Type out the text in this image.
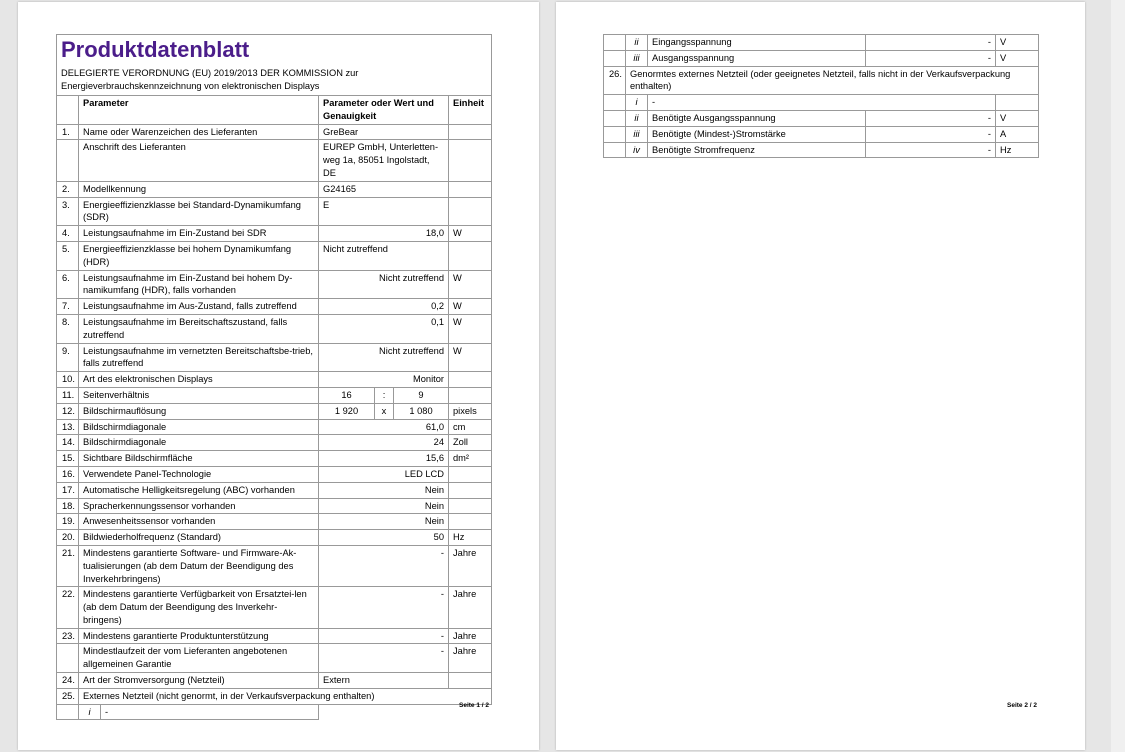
Produktdatenblatt
DELEGIERTE VERORDNUNG (EU) 2019/2013 DER KOMMISSION zur Energieverbrauchskennzeichnung von elektronischen Displays						

	Parameter		Parameter oder Wert und Genauigkeit			Einheit
1.	Name oder Warenzeichen des Lieferanten		GreBear			
	Anschrift des Lieferanten		EUREP GmbH, Unterletten-weg 1a, 85051 Ingolstadt, DE			
2.	Modellkennung		G24165			
3.	Energieeffizienzklasse bei Standard-Dynamikumfang (SDR)		E			
4.	Leistungsaufnahme im Ein-Zustand bei SDR		18,0			W
5.	Energieeffizienzklasse bei hohem Dynamikumfang (HDR)		Nicht zutreffend			
6.	Leistungsaufnahme im Ein-Zustand bei hohem Dy-namikumfang (HDR), falls vorhanden		Nicht zutreffend			W
7.	Leistungsaufnahme im Aus-Zustand, falls zutreffend		0,2			W
8.	Leistungsaufnahme im Bereitschaftszustand, falls zutreffend		0,1			W
9.	Leistungsaufnahme im vernetzten Bereitschaftsbe-trieb, falls zutreffend		Nicht zutreffend			W
10.	Art des elektronischen Displays		Monitor			
11.	Seitenverhältnis		16	:	9	
12.	Bildschirmauflösung		1 920	x	1 080	pixels
13.	Bildschirmdiagonale		61,0			cm
14.	Bildschirmdiagonale		24			Zoll
15.	Sichtbare Bildschirmfläche		15,6			dm²
16.	Verwendete Panel-Technologie		LED LCD			
17.	Automatische Helligkeitsregelung (ABC) vorhanden		Nein			
18.	Spracherkennungssensor vorhanden		Nein			
19.	Anwesenheitssensor vorhanden		Nein			
20.	Bildwiederholfrequenz (Standard)		50			Hz
21.	Mindestens garantierte Software- und Firmware-Ak-tualisierungen (ab dem Datum der Beendigung des Inverkehrbringens)		-			Jahre
22.	Mindestens garantierte Verfügbarkeit von Ersatztei-len (ab dem Datum der Beendigung des Inverkehr-bringens)		-			Jahre
23.	Mindestens garantierte Produktunterstützung		-			Jahre
	Mindestlaufzeit der vom Lieferanten angebotenen allgemeinen Garantie		-			Jahre
24.	Art der Stromversorgung (Netzteil)		Extern			
25.	Externes Netzteil (nicht genormt, in der Verkaufsverpackung enthalten)					
	i	-				
Seite 1 / 2
	ii	Eingangsspannung	-	V
	iii	Ausgangsspannung	-	V
26.	Genormtes externes Netzteil (oder geeignetes Netzteil, falls nicht in der Verkaufsverpackung enthalten)			
	i	-		
	ii	Benötigte Ausgangsspannung	-	V
	iii	Benötigte (Mindest-)Stromstärke	-	A
	iv	Benötigte Stromfrequenz	-	Hz
Seite 2 / 2
